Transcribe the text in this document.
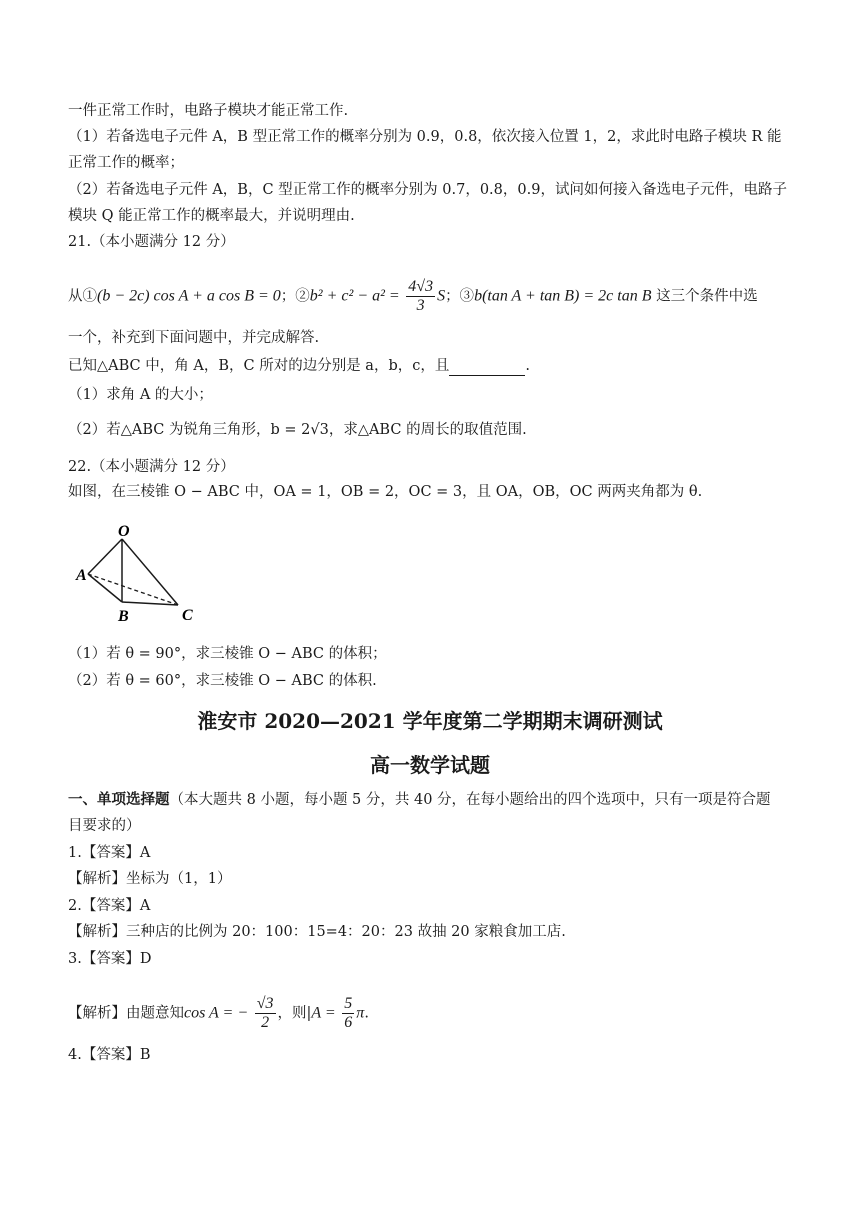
一件正常工作时，电路子模块才能正常工作.
（1）若备选电子元件 A，B 型正常工作的概率分别为 0.9，0.8，依次接入位置 1，2，求此时电路子模块 R 能
正常工作的概率；
（2）若备选电子元件 A，B，C 型正常工作的概率分别为 0.7，0.8，0.9，试问如何接入备选电子元件，电路子
模块 Q 能正常工作的概率最大，并说明理由.
21.（本小题满分 12 分）
从①(b − 2c) cos A + a cos B = 0；②b² + $c^2 - a^2 = \frac{4√3}{3}$ S；③b(tan A + tan B) = 2c tan B 这三个条件中选
一个，补充到下面问题中，并完成解答.
已知△ABC 中，角 A，B，C 所对的边分别是 a，b，c，且	.
（1）求角 A 的大小；
（2）若△ABC 为锐角三角形，b = 2√3，求△ABC 的周长的取值范围.
22.（本小题满分 12 分）
如图，在三棱锥 O − ABC 中，OA = 1，OB = 2，OC = 3，且 OA，OB，OC 两两夹角都为 θ.
O
A
B	C
（1）若 θ = 90°，求三棱锥 O − ABC 的体积；
（2）若 θ = 60°，求三棱锥 O − ABC 的体积.
淮安市 2020—2021 学年度第二学期期末调研测试
高一数学试题
一、单项选择题（本大题共 8 小题，每小题 5 分，共 40 分，在每小题给出的四个选项中，只有一项是符合题
目要求的）
1.【答案】A
【解析】坐标为（1，1）
2.【答案】A
【解析】三种店的比例为 20：100：15=4：20：23 故抽 20 家粮食加工店.
3.【答案】D
【解析】由题意知cos A = − $\frac{√3}{2}$ ，则$|A = \frac{5}{6} \pi$.
4.【答案】B
